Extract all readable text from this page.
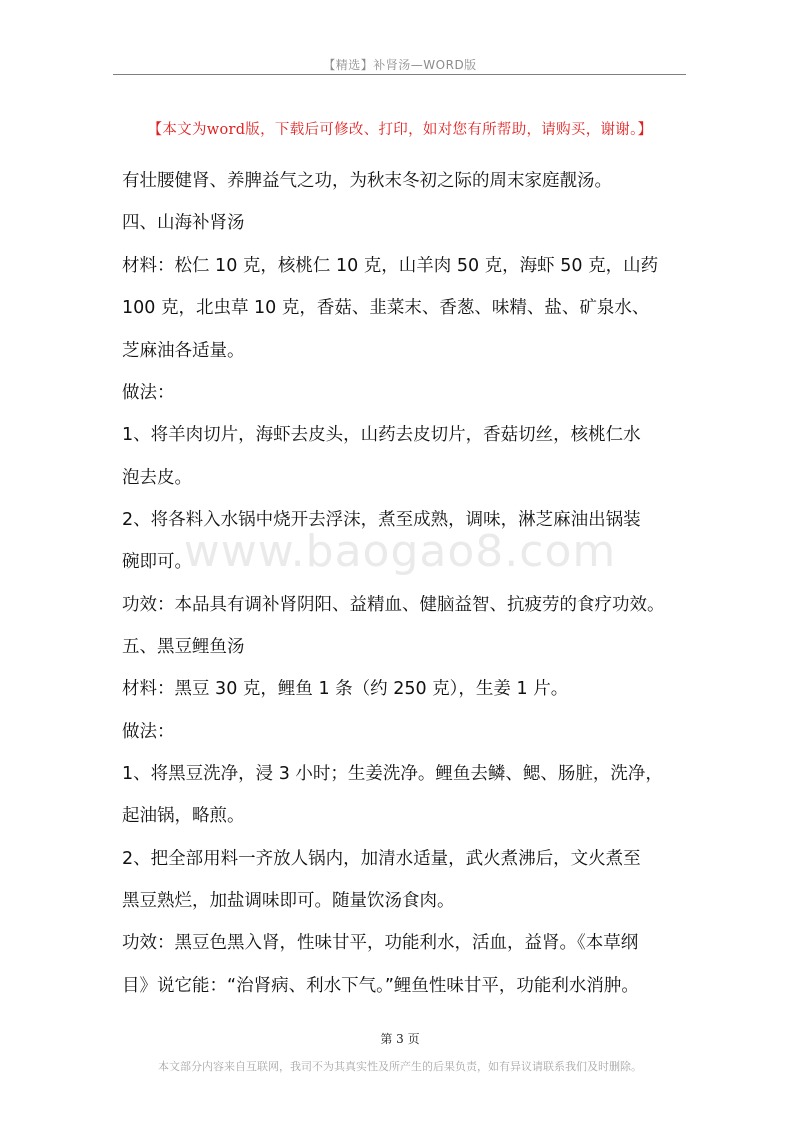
【精选】补肾汤—WORD版
【本文为word版，下载后可修改、打印，如对您有所帮助，请购买，谢谢。】
有壮腰健肾、养脾益气之功，为秋末冬初之际的周末家庭靓汤。
四、山海补肾汤
材料：松仁 10 克，核桃仁 10 克，山羊肉 50 克，海虾 50 克，山药
100 克，北虫草 10 克，香菇、韭菜末、香葱、味精、盐、矿泉水、
芝麻油各适量。
做法：
1、将羊肉切片，海虾去皮头，山药去皮切片，香菇切丝，核桃仁水
泡去皮。
2、将各料入水锅中烧开去浮沫，煮至成熟，调味，淋芝麻油出锅装
碗即可。
功效：本品具有调补肾阴阳、益精血、健脑益智、抗疲劳的食疗功效。
五、黑豆鲤鱼汤
材料：黑豆 30 克，鲤鱼 1 条（约 250 克），生姜 1 片。
做法：
1、将黑豆洗净，浸 3 小时；生姜洗净。鲤鱼去鳞、鳃、肠脏，洗净，
起油锅，略煎。
2、把全部用料一齐放人锅内，加清水适量，武火煮沸后，文火煮至
黑豆熟烂，加盐调味即可。随量饮汤食肉。
功效：黑豆色黑入肾，性味甘平，功能利水，活血，益肾。《本草纲
目》说它能：“治肾病、利水下气。”鲤鱼性味甘平，功能利水消肿。
www.baogao8.com
第 3 页
本文部分内容来自互联网，我司不为其真实性及所产生的后果负责，如有异议请联系我们及时删除。
